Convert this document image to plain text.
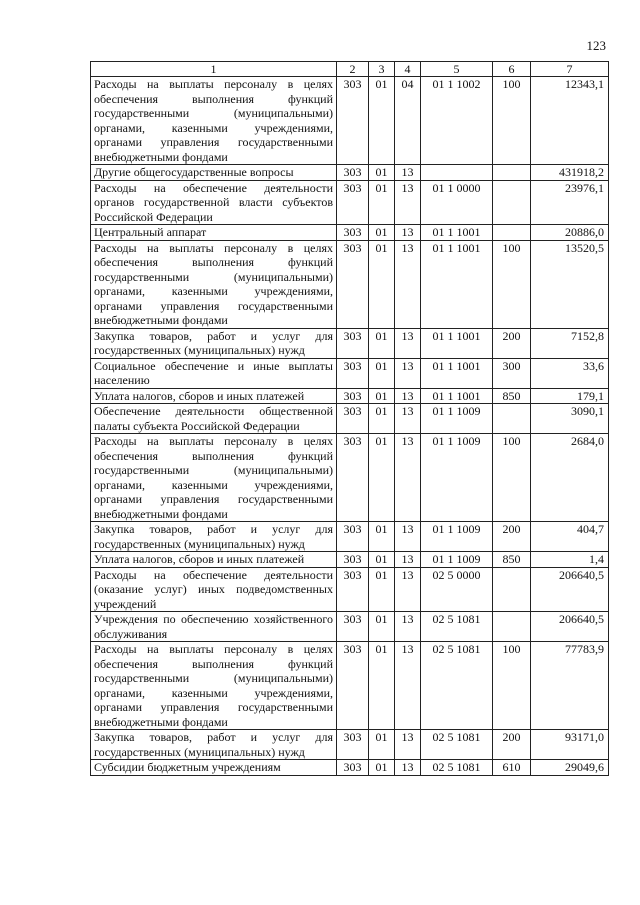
123
1	2	3	4	5	6	7
Расходы на выплаты персоналу в целях обеспечения выполнения функций государственными (муниципальными) органами, казенными учреждениями, органами управления государственными внебюджетными фондами	303	01	04	01 1 1002	100	12343,1
Другие общегосударственные вопросы	303	01	13			431918,2
Расходы на обеспечение деятельности органов государственной власти субъектов Российской Федерации	303	01	13	01 1 0000		23976,1
Центральный аппарат	303	01	13	01 1 1001		20886,0
Расходы на выплаты персоналу в целях обеспечения выполнения функций государственными (муниципальными) органами, казенными учреждениями, органами управления государственными внебюджетными фондами	303	01	13	01 1 1001	100	13520,5
Закупка товаров, работ и услуг для государственных (муниципальных) нужд	303	01	13	01 1 1001	200	7152,8
Социальное обеспечение и иные выплаты населению	303	01	13	01 1 1001	300	33,6
Уплата налогов, сборов и иных платежей	303	01	13	01 1 1001	850	179,1
Обеспечение деятельности общественной палаты субъекта Российской Федерации	303	01	13	01 1 1009		3090,1
Расходы на выплаты персоналу в целях обеспечения выполнения функций государственными (муниципальными) органами, казенными учреждениями, органами управления государственными внебюджетными фондами	303	01	13	01 1 1009	100	2684,0
Закупка товаров, работ и услуг для государственных (муниципальных) нужд	303	01	13	01 1 1009	200	404,7
Уплата налогов, сборов и иных платежей	303	01	13	01 1 1009	850	1,4
Расходы на обеспечение деятельности (оказание услуг) иных подведомственных учреждений	303	01	13	02 5 0000		206640,5
Учреждения по обеспечению хозяйственного обслуживания	303	01	13	02 5 1081		206640,5
Расходы на выплаты персоналу в целях обеспечения выполнения функций государственными (муниципальными) органами, казенными учреждениями, органами управления государственными внебюджетными фондами	303	01	13	02 5 1081	100	77783,9
Закупка товаров, работ и услуг для государственных (муниципальных) нужд	303	01	13	02 5 1081	200	93171,0
Субсидии бюджетным учреждениям	303	01	13	02 5 1081	610	29049,6
